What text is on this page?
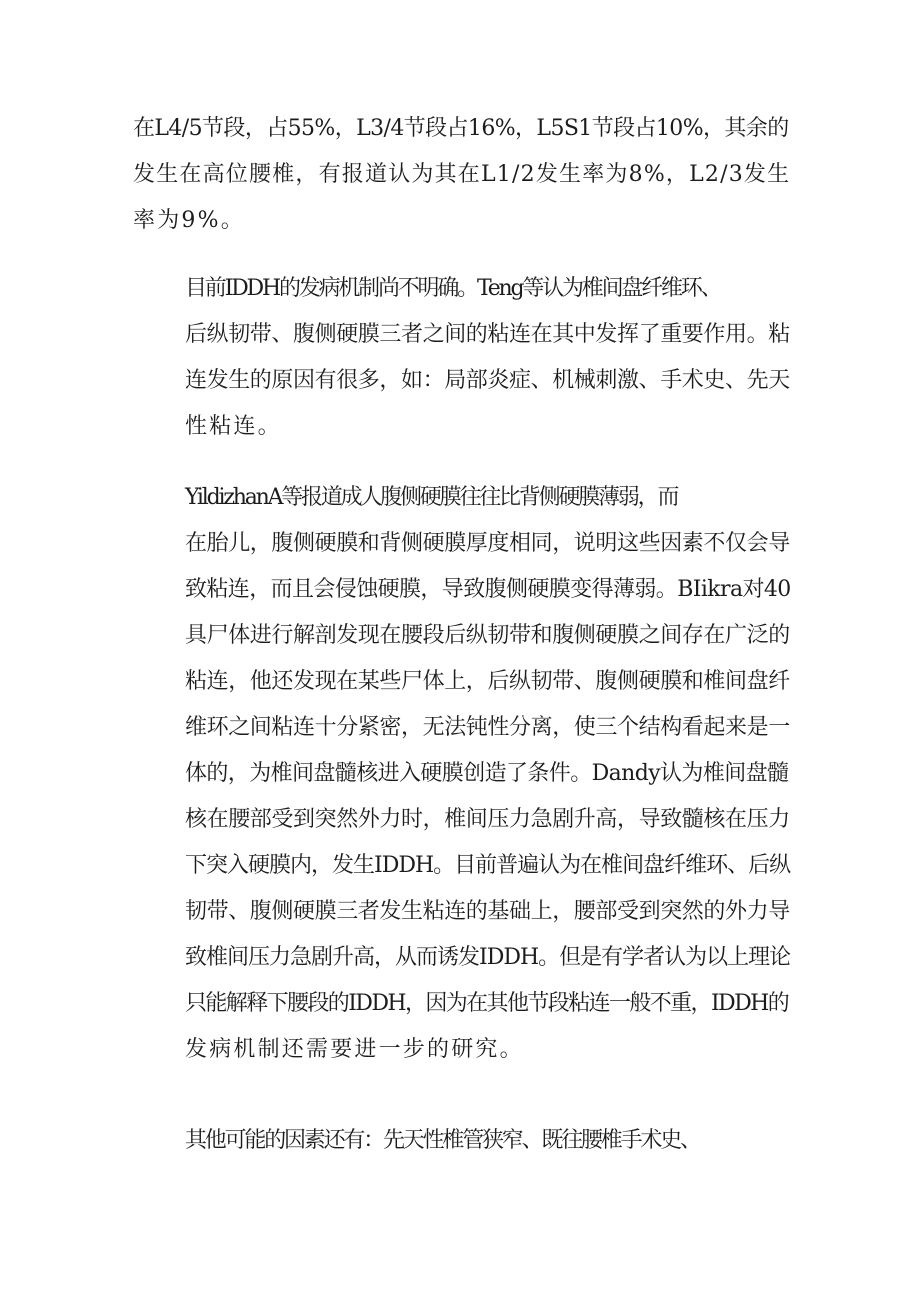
在L4/5节段，占55%，L3/4节段占16%，L5S1节段占10%，其余的
发生在高位腰椎，有报道认为其在L1/2发生率为8%，L2/3发生
率为9%。

目前IDDH的发病机制尚不明确。Teng等认为椎间盘纤维环、
后纵韧带、腹侧硬膜三者之间的粘连在其中发挥了重要作用。粘
连发生的原因有很多，如：局部炎症、机械刺激、手术史、先天
性粘连。

YildizhanA等报道成人腹侧硬膜往往比背侧硬膜薄弱，而
在胎儿，腹侧硬膜和背侧硬膜厚度相同，说明这些因素不仅会导
致粘连，而且会侵蚀硬膜，导致腹侧硬膜变得薄弱。BIikra对40
具尸体进行解剖发现在腰段后纵韧带和腹侧硬膜之间存在广泛的
粘连，他还发现在某些尸体上，后纵韧带、腹侧硬膜和椎间盘纤
维环之间粘连十分紧密，无法钝性分离，使三个结构看起来是一
体的，为椎间盘髓核进入硬膜创造了条件。Dandy认为椎间盘髓
核在腰部受到突然外力时，椎间压力急剧升高，导致髓核在压力
下突入硬膜内，发生IDDH。目前普遍认为在椎间盘纤维环、后纵
韧带、腹侧硬膜三者发生粘连的基础上，腰部受到突然的外力导
致椎间压力急剧升高，从而诱发IDDH。但是有学者认为以上理论
只能解释下腰段的IDDH，因为在其他节段粘连一般不重，IDDH的
发病机制还需要进一步的研究。

其他可能的因素还有：先天性椎管狭窄、既往腰椎手术史、
